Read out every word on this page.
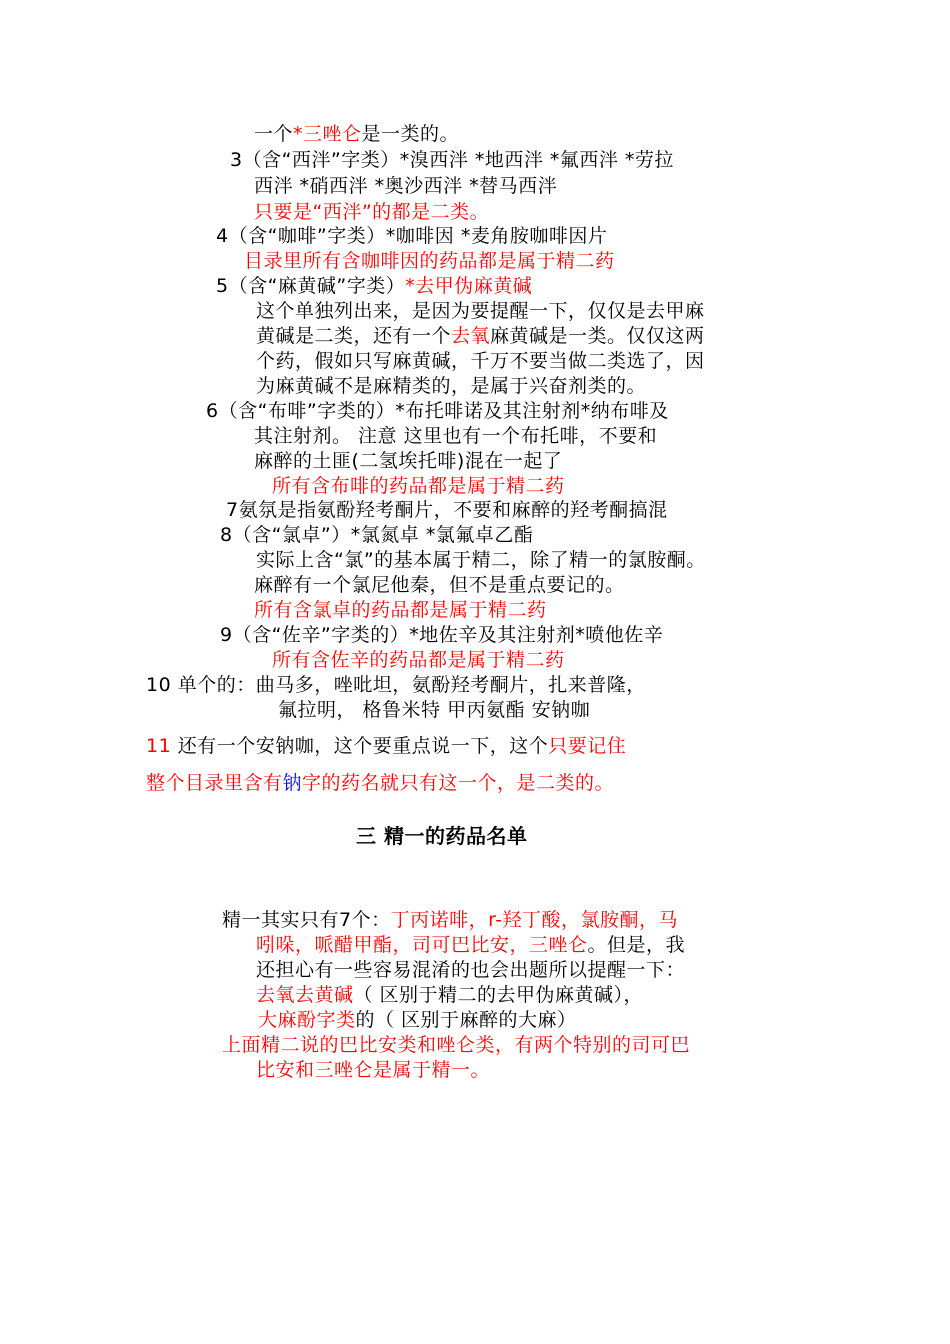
一个*三唑仑是一类的。
3（含“西泮”字类）*溴西泮 *地西泮 *氟西泮 *劳拉
西泮 *硝西泮 *奥沙西泮 *替马西泮
只要是“西泮”的都是二类。
4（含“咖啡”字类）*咖啡因 *麦角胺咖啡因片
目录里所有含咖啡因的药品都是属于精二药
5（含“麻黄碱”字类）*去甲伪麻黄碱
这个单独列出来，是因为要提醒一下，仅仅是去甲麻
黄碱是二类，还有一个去氧麻黄碱是一类。仅仅这两
个药，假如只写麻黄碱，千万不要当做二类选了，因
为麻黄碱不是麻精类的，是属于兴奋剂类的。
6（含“布啡”字类的）*布托啡诺及其注射剂*纳布啡及
其注射剂。 注意 这里也有一个布托啡，不要和
麻醉的土匪(二氢埃托啡)混在一起了
所有含布啡的药品都是属于精二药
7氨氛是指氨酚羟考酮片，不要和麻醉的羟考酮搞混
8（含“氯卓”）*氯氮卓 *氯氟卓乙酯
实际上含“氯”的基本属于精二，除了精一的氯胺酮。
麻醉有一个氯尼他秦，但不是重点要记的。
所有含氯卓的药品都是属于精二药
9（含“佐辛”字类的）*地佐辛及其注射剂*喷他佐辛
所有含佐辛的药品都是属于精二药
10 单个的：曲马多，唑吡坦，氨酚羟考酮片，扎来普隆，
氟拉明， 格鲁米特 甲丙氨酯 安钠咖
11 还有一个安钠咖，这个要重点说一下，这个只要记住
整个目录里含有钠字的药名就只有这一个，是二类的。
三 精一的药品名单
精一其实只有7个：丁丙诺啡，r-羟丁酸，氯胺酮，马
吲哚，哌醋甲酯，司可巴比安，三唑仑。但是，我
还担心有一些容易混淆的也会出题所以提醒一下：
去氧去黄碱（ 区别于精二的去甲伪麻黄碱），
大麻酚字类的（ 区别于麻醉的大麻）
上面精二说的巴比安类和唑仑类，有两个特别的司可巴
比安和三唑仑是属于精一。
